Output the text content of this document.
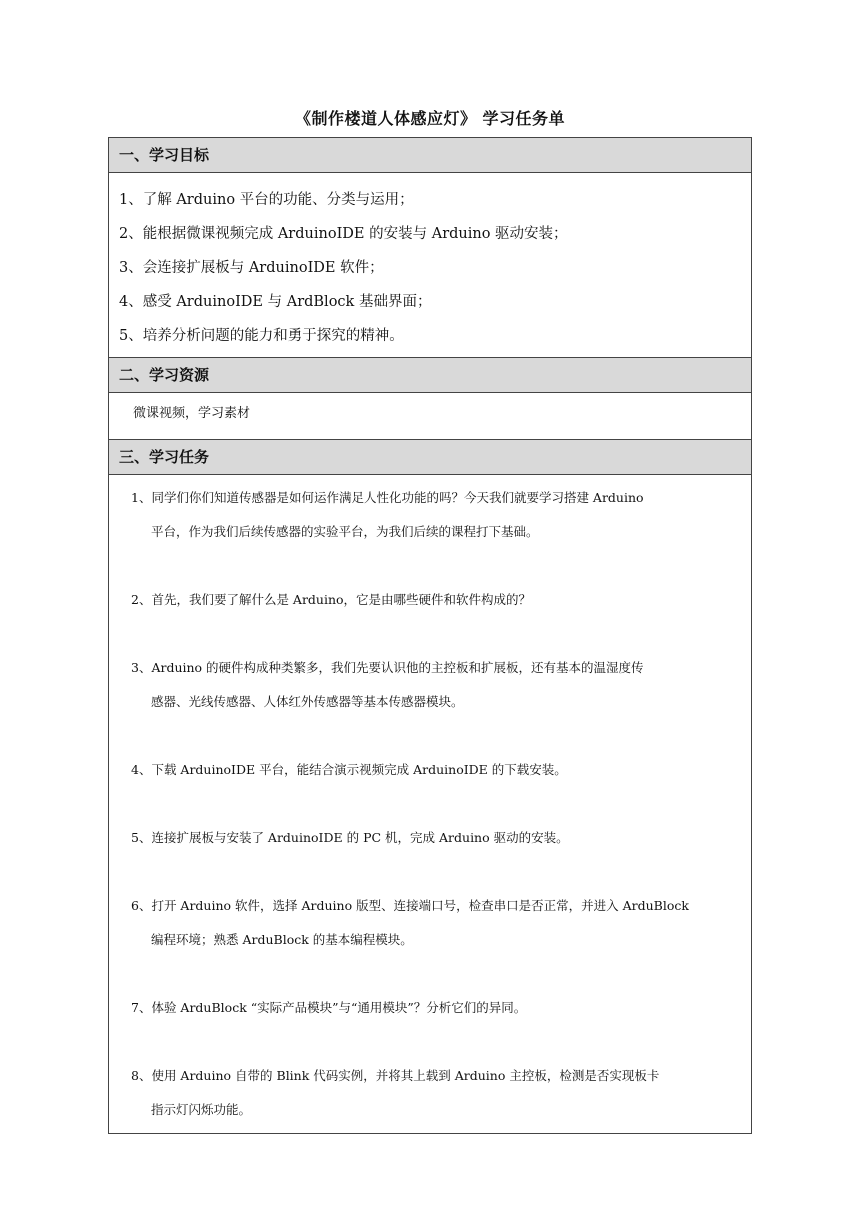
《制作楼道人体感应灯》 学习任务单
一、学习目标
1、了解 Arduino 平台的功能、分类与运用；
2、能根据微课视频完成 ArduinoIDE 的安装与 Arduino 驱动安装；
3、会连接扩展板与 ArduinoIDE 软件；
4、感受 ArduinoIDE 与 ArdBlock 基础界面；
5、培养分析问题的能力和勇于探究的精神。
二、学习资源
微课视频，学习素材
三、学习任务
1、同学们你们知道传感器是如何运作满足人性化功能的吗？今天我们就要学习搭建 Arduino
平台，作为我们后续传感器的实验平台，为我们后续的课程打下基础。
2、首先，我们要了解什么是 Arduino，它是由哪些硬件和软件构成的？
3、Arduino 的硬件构成种类繁多，我们先要认识他的主控板和扩展板，还有基本的温湿度传
感器、光线传感器、人体红外传感器等基本传感器模块。
4、下载 ArduinoIDE 平台，能结合演示视频完成 ArduinoIDE 的下载安装。
5、连接扩展板与安装了 ArduinoIDE 的 PC 机，完成 Arduino 驱动的安装。
6、打开 Arduino 软件，选择 Arduino 版型、连接端口号，检查串口是否正常，并进入 ArduBlock
编程环境；熟悉 ArduBlock 的基本编程模块。
7、体验 ArduBlock “实际产品模块”与“通用模块”？分析它们的异同。
8、使用 Arduino 自带的 Blink 代码实例，并将其上载到 Arduino 主控板，检测是否实现板卡
指示灯闪烁功能。
